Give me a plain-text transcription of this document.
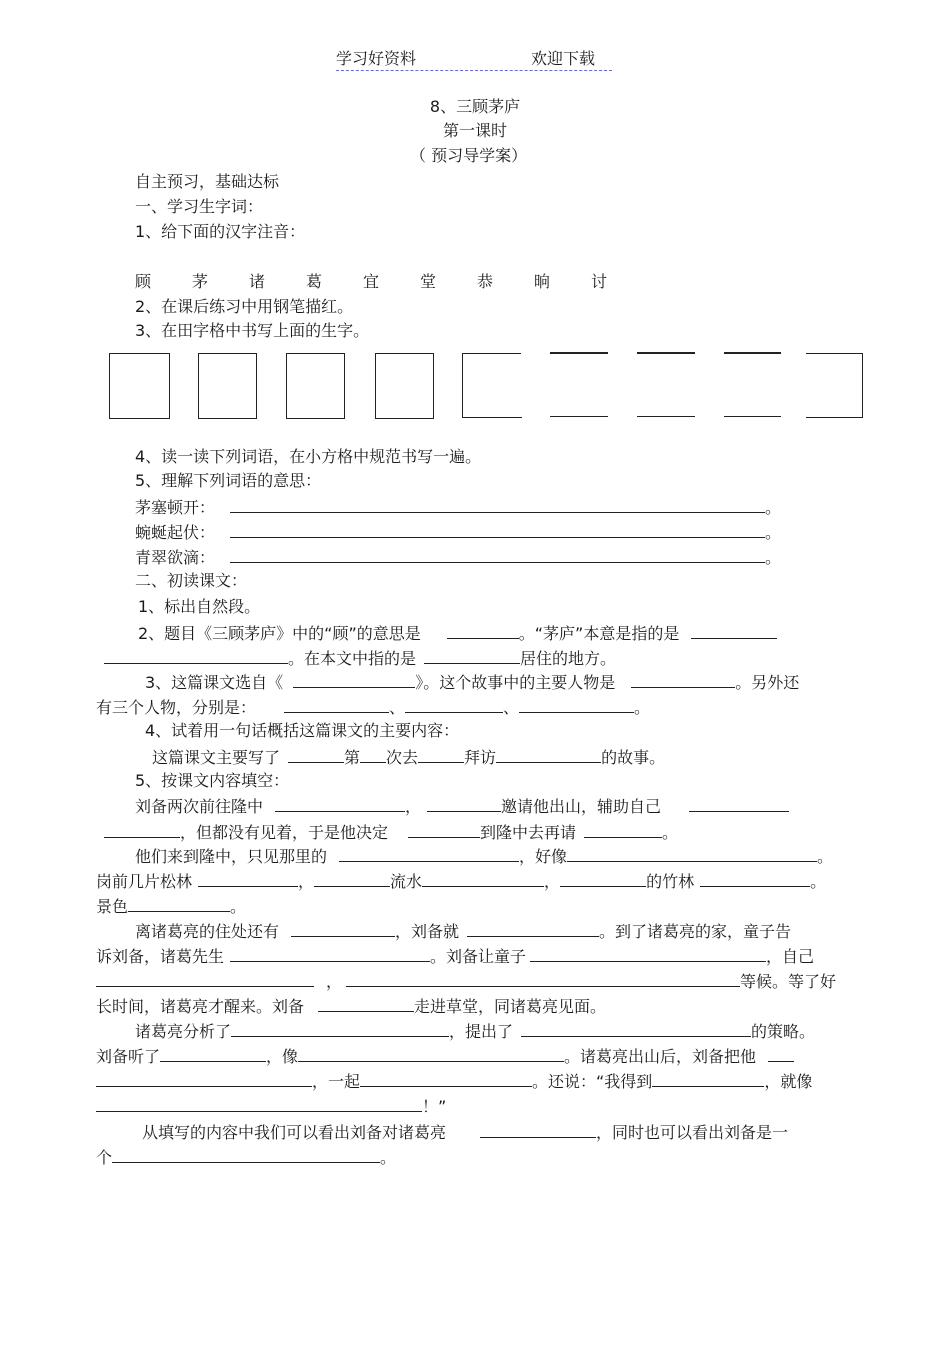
学习好资料	欢迎下载
8、三顾茅庐
第一课时
（ 预习导学案）
自主预习，基础达标
一、学习生字词：
1、给下面的汉字注音：
顾	茅	诸	葛	宜	堂	恭	晌	讨
2、在课后练习中用钢笔描红。
3、在田字格中书写上面的生字。
4、读一读下列词语，在小方格中规范书写一遍。
5、理解下列词语的意思：
茅塞顿开：	。
蜿蜒起伏：	。
青翠欲滴：	。
二、初读课文：
1、标出自然段。
2、题目《三顾茅庐》中的“顾”的意思是	。“茅庐”本意是指的是
。在本文中指的是	居住的地方。
3、这篇课文选自《	》。这个故事中的主要人物是	。另外还
有三个人物，分别是：	、	、	。
4、试着用一句话概括这篇课文的主要内容：
这篇课文主要写了	第 次去	拜访	的故事。
5、按课文内容填空：
刘备两次前往隆中	，	邀请他出山，辅助自己
，但都没有见着，于是他决定	到隆中去再请	。
他们来到隆中，只见那里的	，好像	。
岗前几片松林	，	流水	，	的竹林	。
景色	。
离诸葛亮的住处还有	，刘备就	。到了诸葛亮的家，童子告
诉刘备，诸葛先生	。刘备让童子	，自己
，	等候。等了好
长时间，诸葛亮才醒来。刘备	走进草堂，同诸葛亮见面。
诸葛亮分析了	，提出了	的策略。
刘备听了	，像	。诸葛亮出山后，刘备把他
，一起	。还说：“我得到	，就像
！”
从填写的内容中我们可以看出刘备对诸葛亮	，同时也可以看出刘备是一
个	。
